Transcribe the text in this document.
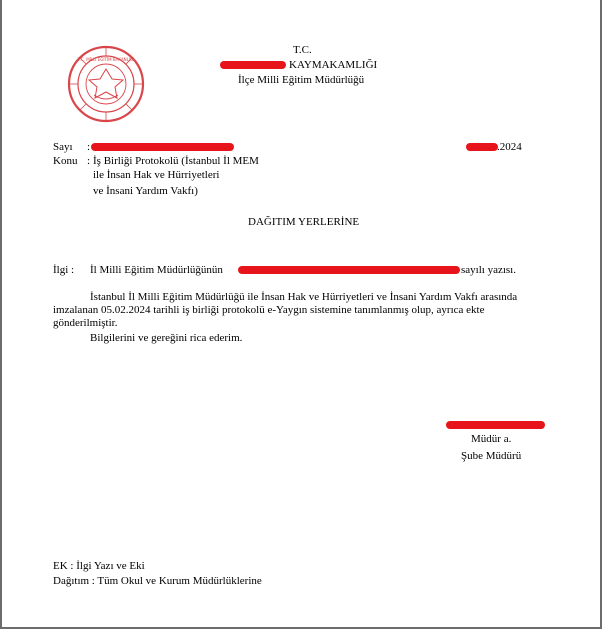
T.C. MİLLİ EĞİTİM BAKANLIĞI
T.C.
KAYMAKAMLIĞI
İlçe Milli Eğitim Müdürlüğü
Sayı :	.2024
Konu : İş Birliği Protokolü (İstanbul İl MEM
ile İnsan Hak ve Hürriyetleri
ve İnsani Yardım Vakfı)
DAĞITIM YERLERİNE
İlgi : İl Milli Eğitim Müdürlüğünün	sayılı yazısı.
İstanbul İl Milli Eğitim Müdürlüğü ile İnsan Hak ve Hürriyetleri ve İnsani Yardım Vakfı arasında
imzalanan 05.02.2024 tarihli iş birliği protokolü e-Yaygın sistemine tanımlanmış olup, ayrıca ekte
gönderilmiştir.
Bilgilerini ve gereğini rica ederim.
Müdür a.
Şube Müdürü
EK : İlgi Yazı ve Eki
Dağıtım : Tüm Okul ve Kurum Müdürlüklerine
